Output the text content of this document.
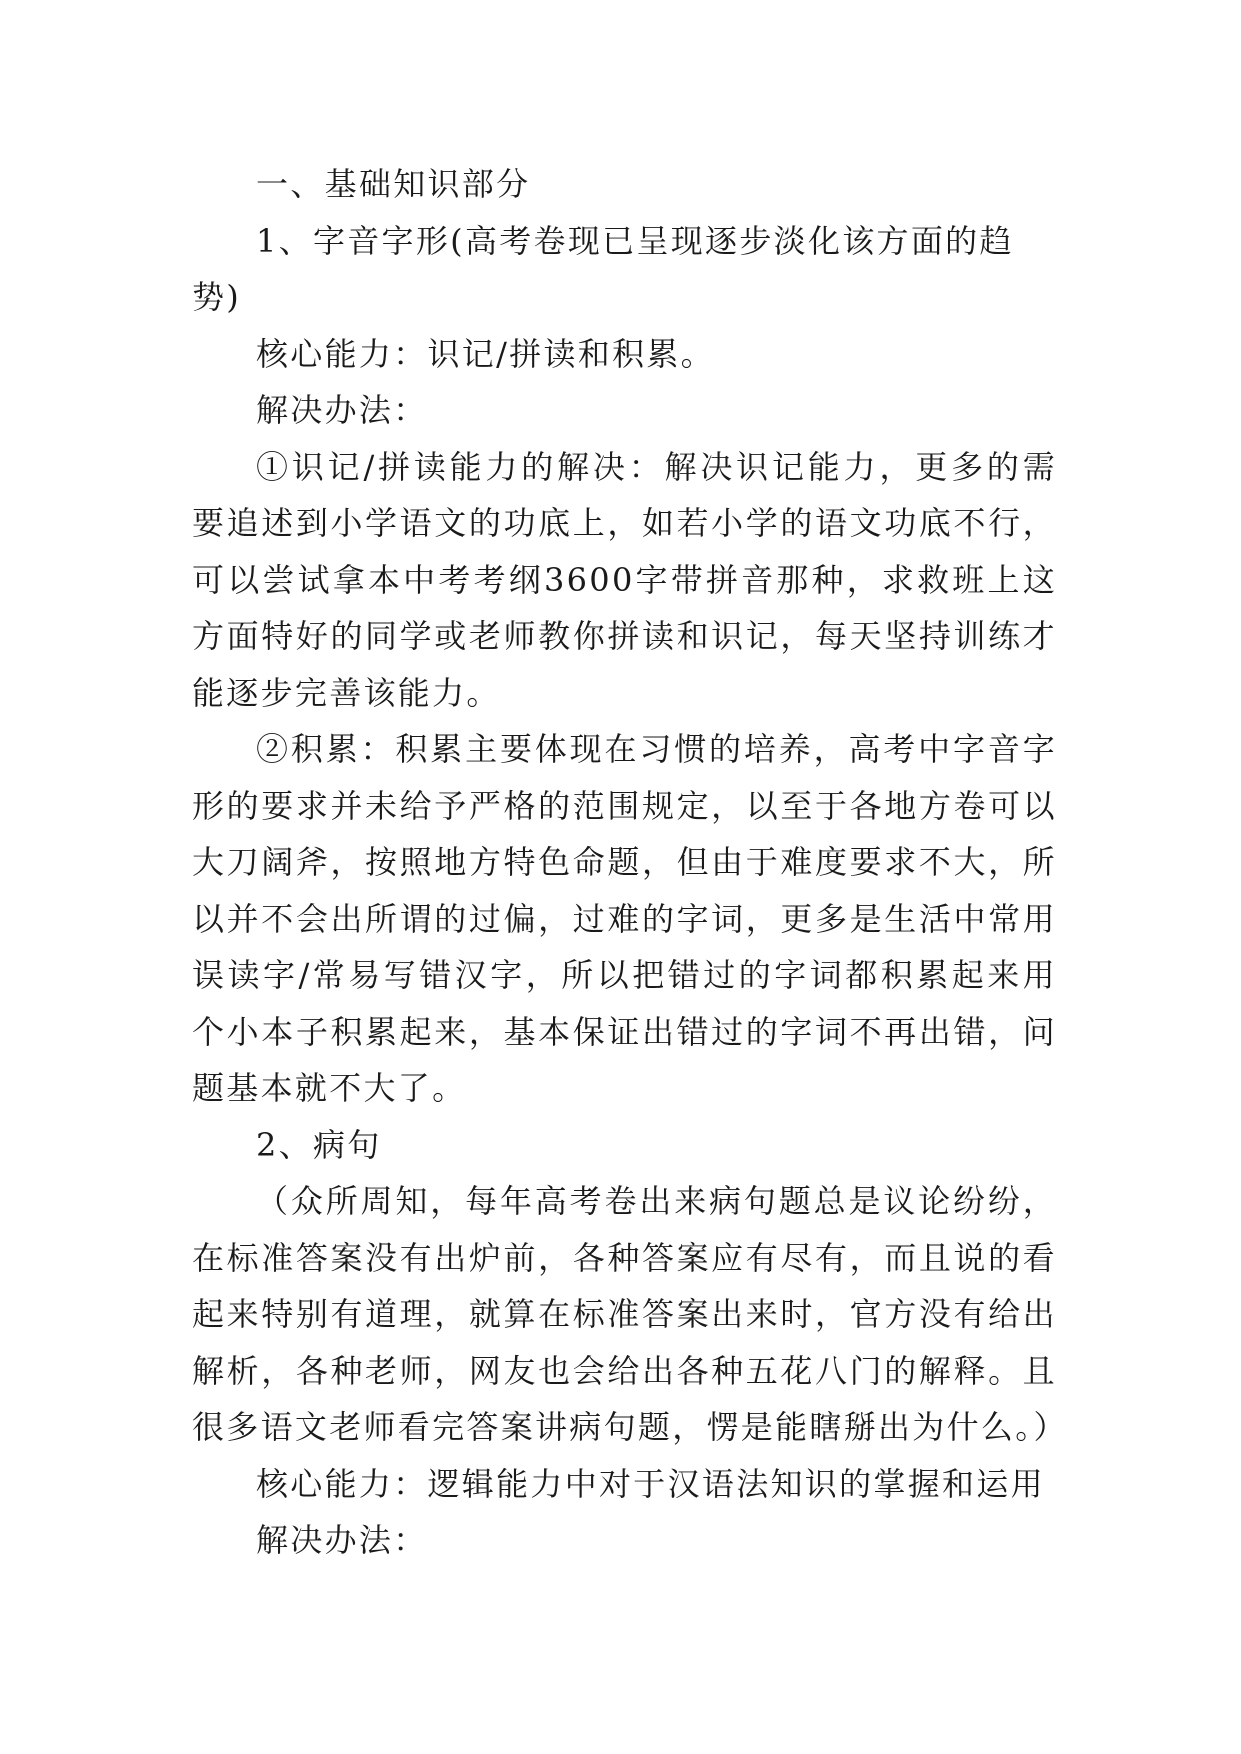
一、基础知识部分

1、字音字形(高考卷现已呈现逐步淡化该方面的趋势)

核心能力：识记/拼读和积累。

解决办法：

①识记/拼读能力的解决：解决识记能力，更多的需要追述到小学语文的功底上，如若小学的语文功底不行，可以尝试拿本中考考纲3600字带拼音那种，求救班上这方面特好的同学或老师教你拼读和识记，每天坚持训练才能逐步完善该能力。

②积累：积累主要体现在习惯的培养，高考中字音字形的要求并未给予严格的范围规定，以至于各地方卷可以大刀阔斧，按照地方特色命题，但由于难度要求不大，所以并不会出所谓的过偏，过难的字词，更多是生活中常用误读字/常易写错汉字，所以把错过的字词都积累起来用个小本子积累起来，基本保证出错过的字词不再出错，问题基本就不大了。

2、病句

（众所周知，每年高考卷出来病句题总是议论纷纷，在标准答案没有出炉前，各种答案应有尽有，而且说的看起来特别有道理，就算在标准答案出来时，官方没有给出解析，各种老师，网友也会给出各种五花八门的解释。且很多语文老师看完答案讲病句题，愣是能瞎掰出为什么。）

核心能力：逻辑能力中对于汉语法知识的掌握和运用

解决办法：
